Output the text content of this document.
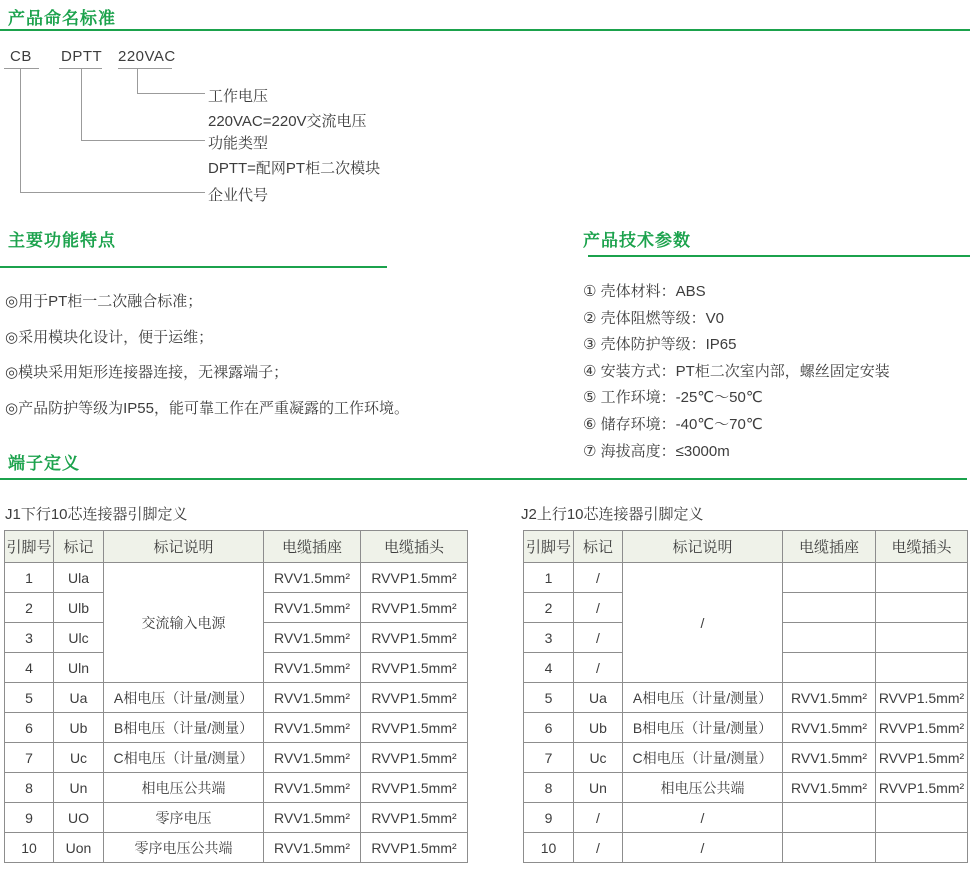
产品命名标准
CB DPTT 220VAC
工作电压
220VAC=220V交流电压
功能类型
DPTT=配网PT柜二次模块
企业代号
主要功能特点
◎用于PT柜一二次融合标准；
◎采用模块化设计，便于运维；
◎模块采用矩形连接器连接，无裸露端子；
◎产品防护等级为IP55，能可靠工作在严重凝露的工作环境。
产品技术参数
① 壳体材料：ABS
② 壳体阻燃等级：V0
③ 壳体防护等级：IP65
④ 安装方式：PT柜二次室内部，螺丝固定安装
⑤ 工作环境：-25℃～50℃
⑥ 储存环境：-40℃～70℃
⑦ 海拔高度：≤3000m
端子定义
J1下行10芯连接器引脚定义
引脚号	标记	标记说明	电缆插座	电缆插头
1	Ula	交流输入电源	RVV1.5mm²	RVVP1.5mm²
2	Ulb		RVV1.5mm²	RVVP1.5mm²
3	Ulc		RVV1.5mm²	RVVP1.5mm²
4	Uln		RVV1.5mm²	RVVP1.5mm²
5	Ua	A相电压（计量/测量）	RVV1.5mm²	RVVP1.5mm²
6	Ub	B相电压（计量/测量）	RVV1.5mm²	RVVP1.5mm²
7	Uc	C相电压（计量/测量）	RVV1.5mm²	RVVP1.5mm²
8	Un	相电压公共端	RVV1.5mm²	RVVP1.5mm²
9	UO	零序电压	RVV1.5mm²	RVVP1.5mm²
10	Uon	零序电压公共端	RVV1.5mm²	RVVP1.5mm²
J2上行10芯连接器引脚定义
引脚号	标记	标记说明	电缆插座	电缆插头
1	/	/		
2	/			
3	/			
4	/			
5	Ua	A相电压（计量/测量）	RVV1.5mm²	RVVP1.5mm²
6	Ub	B相电压（计量/测量）	RVV1.5mm²	RVVP1.5mm²
7	Uc	C相电压（计量/测量）	RVV1.5mm²	RVVP1.5mm²
8	Un	相电压公共端	RVV1.5mm²	RVVP1.5mm²
9	/	/		
10	/	/		
